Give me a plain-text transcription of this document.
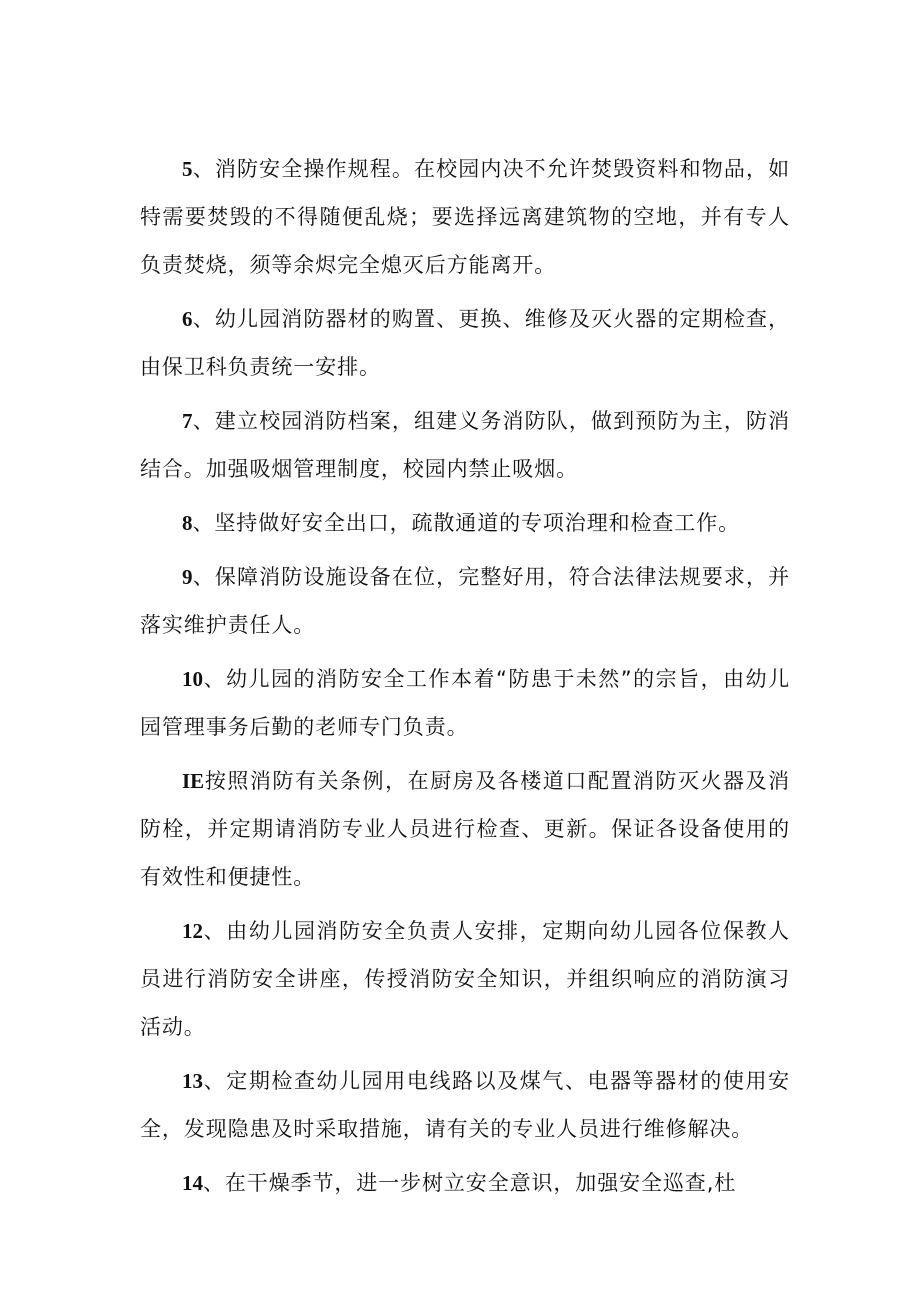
5、消防安全操作规程。在校园内决不允许焚毁资料和物品，如特需要焚毁的不得随便乱烧；要选择远离建筑物的空地，并有专人负责焚烧，须等余烬完全熄灭后方能离开。

6、幼儿园消防器材的购置、更换、维修及灭火器的定期检查，由保卫科负责统一安排。

7、建立校园消防档案，组建义务消防队，做到预防为主，防消结合。加强吸烟管理制度，校园内禁止吸烟。

8、坚持做好安全出口，疏散通道的专项治理和检查工作。

9、保障消防设施设备在位，完整好用，符合法律法规要求，并落实维护责任人。

10、幼儿园的消防安全工作本着“防患于未然”的宗旨，由幼儿园管理事务后勤的老师专门负责。

IE按照消防有关条例，在厨房及各楼道口配置消防灭火器及消防栓，并定期请消防专业人员进行检查、更新。保证各设备使用的有效性和便捷性。

12、由幼儿园消防安全负责人安排，定期向幼儿园各位保教人员进行消防安全讲座，传授消防安全知识，并组织响应的消防演习活动。

13、定期检查幼儿园用电线路以及煤气、电器等器材的使用安全，发现隐患及时采取措施，请有关的专业人员进行维修解决。

14、在干燥季节，进一步树立安全意识，加强安全巡查,杜
